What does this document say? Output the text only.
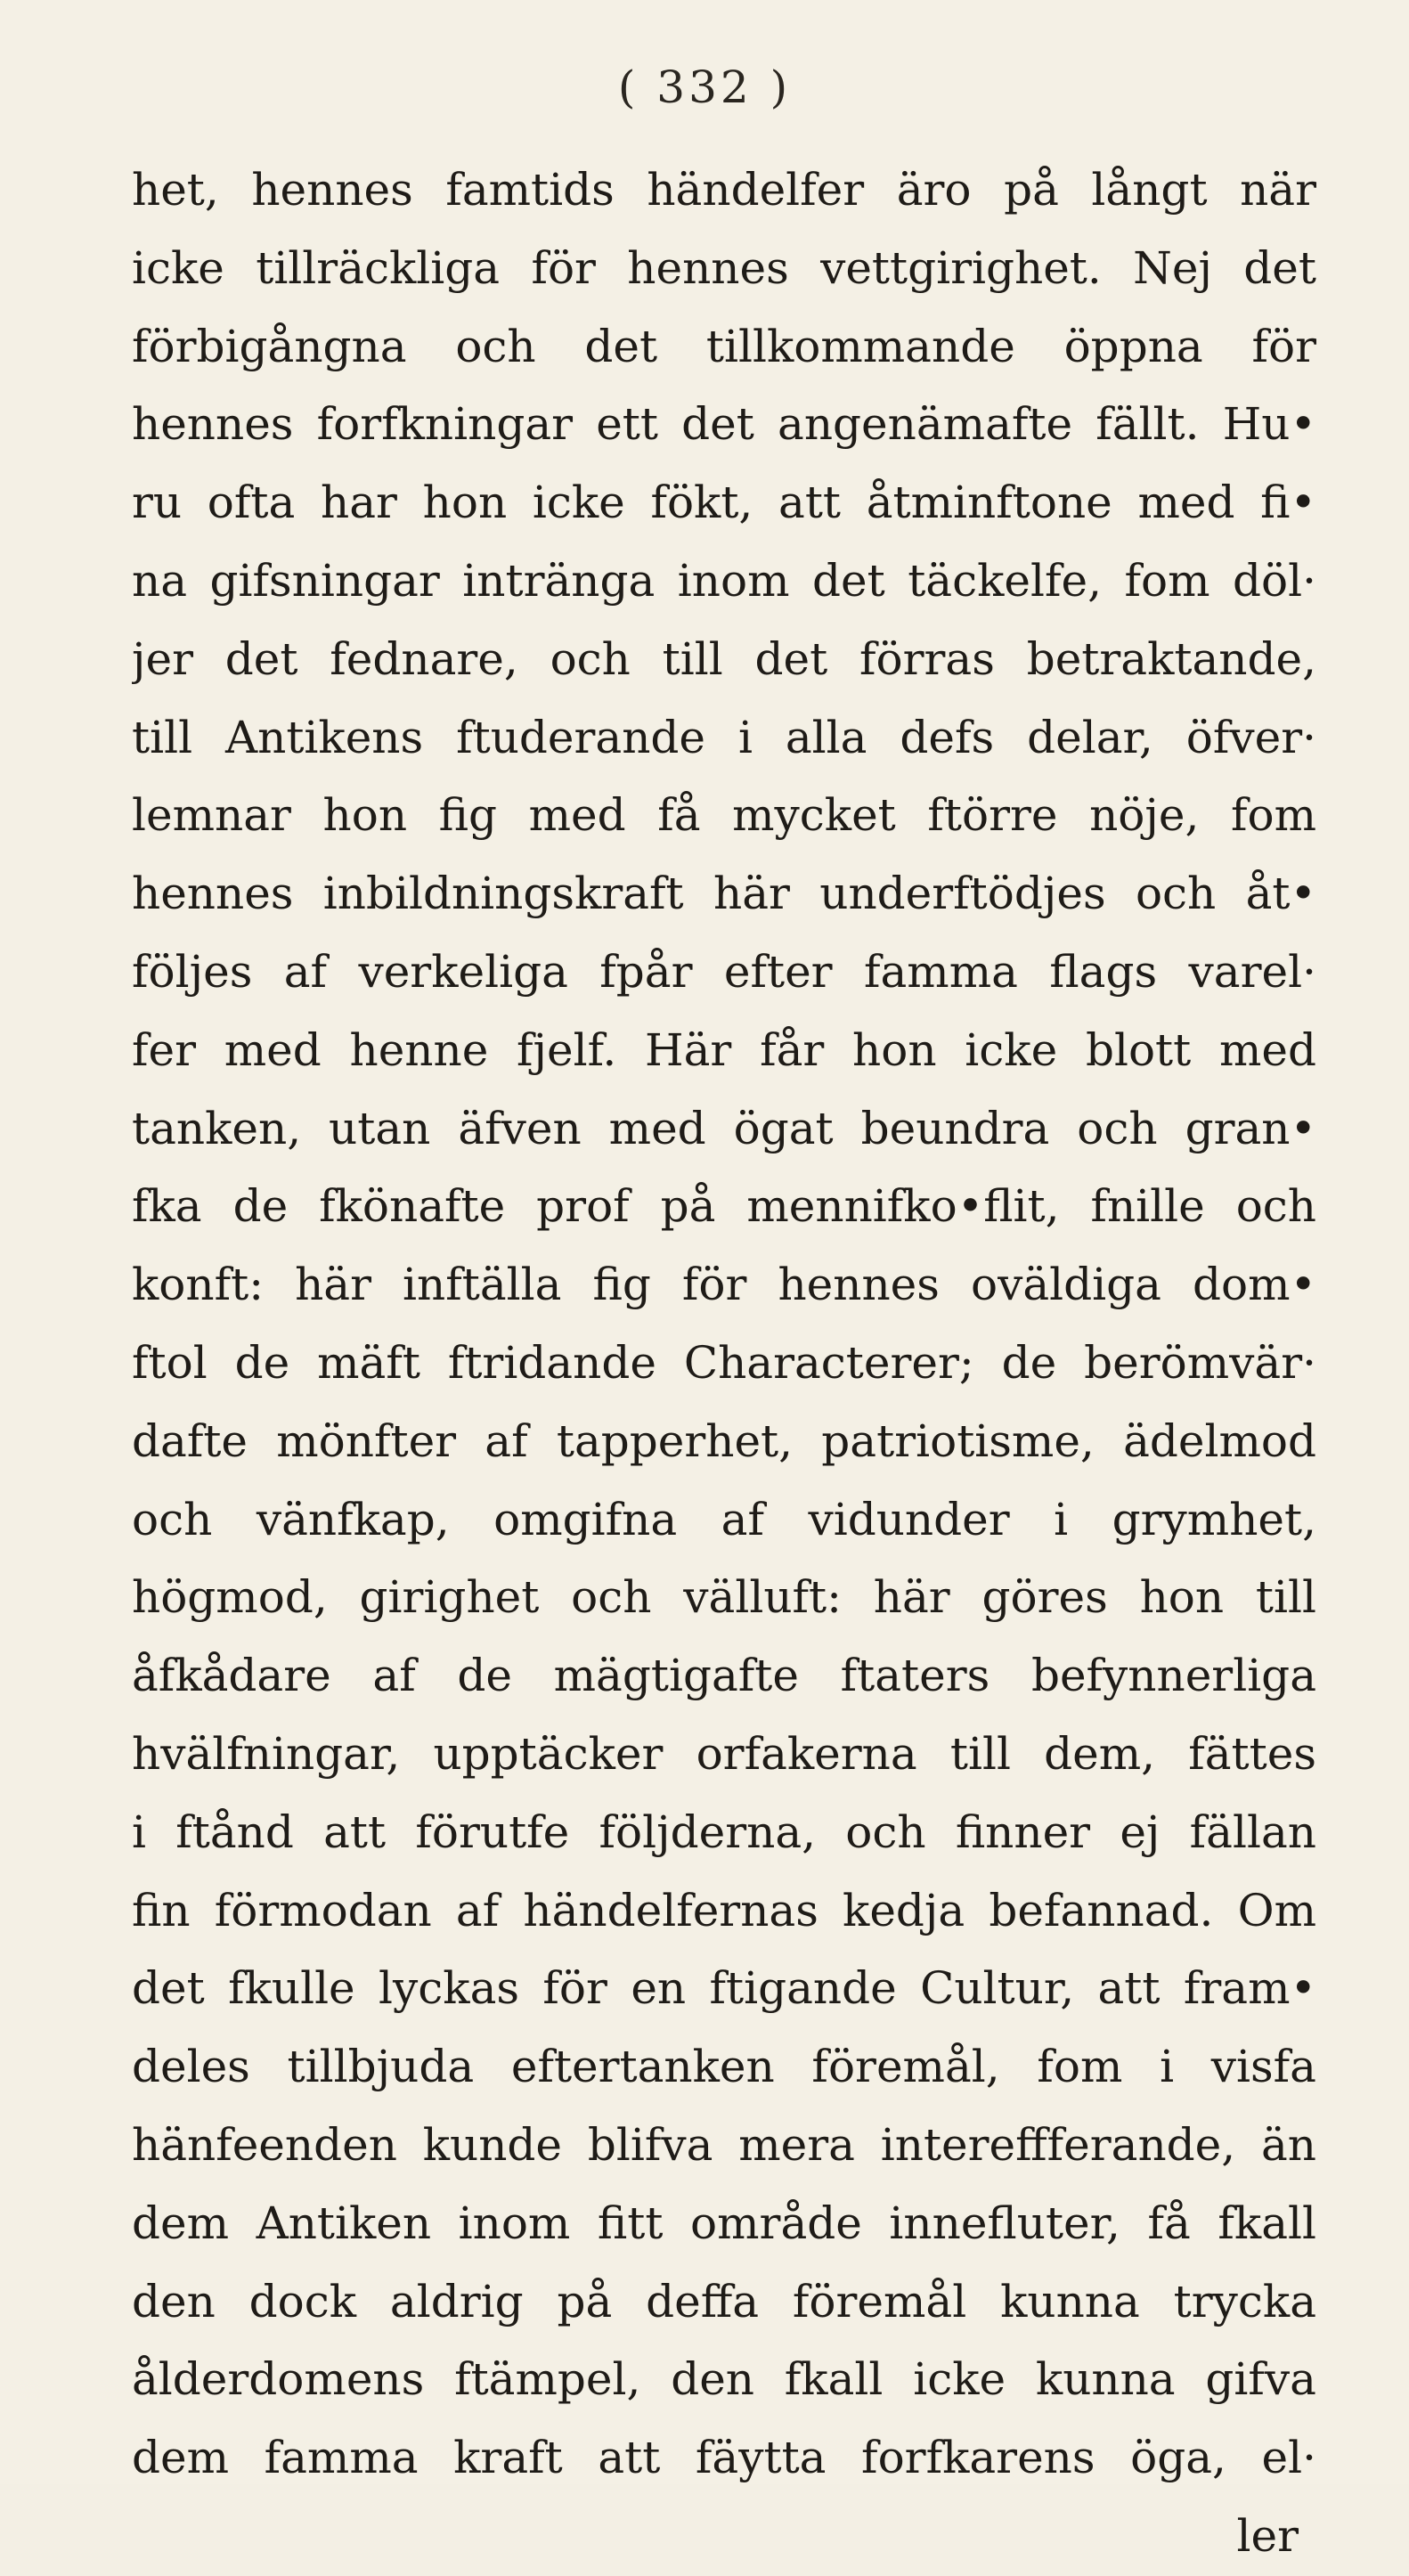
( 332 )
het, hennes famtids händelfer äro på långt när
icke tillräckliga för hennes vettgirighet. Nej det
förbigångna och det tillkommande öppna för
hennes forfkningar ett det angenämafte fällt. Hu•
ru ofta har hon icke fökt, att åtminftone med fi•
na gifsningar intränga inom det täckelfe, fom döl·
jer det fednare, och till det förras betraktande,
till Antikens ftuderande i alla defs delar, öfver·
lemnar hon fig med få mycket ftörre nöje, fom
hennes inbildningskraft här underftödjes och åt•
följes af verkeliga fpår efter famma flags varel·
fer med henne fjelf. Här får hon icke blott med
tanken, utan äfven med ögat beundra och gran•
fka de fkönafte prof på mennifko•flit, fnille och
konft: här inftälla fig för hennes oväldiga dom•
ftol de mäft ftridande Characterer; de berömvär·
dafte mönfter af tapperhet, patriotisme, ädelmod
och vänfkap, omgifna af vidunder i grymhet,
högmod, girighet och välluft: här göres hon till
åfkådare af de mägtigafte ftaters befynnerliga
hvälfningar, upptäcker orfakerna till dem, fättes
i ftånd att förutfe följderna, och finner ej fällan
fin förmodan af händelfernas kedja befannad. Om
det fkulle lyckas för en ftigande Cultur, att fram•
deles tillbjuda eftertanken föremål, fom i visfa
hänfeenden kunde blifva mera intereffferande, än
dem Antiken inom fitt område innefluter, få fkall
den dock aldrig på deffa föremål kunna trycka
ålderdomens ftämpel, den fkall icke kunna gifva
dem famma kraft att fäytta forfkarens öga, el·
ler
